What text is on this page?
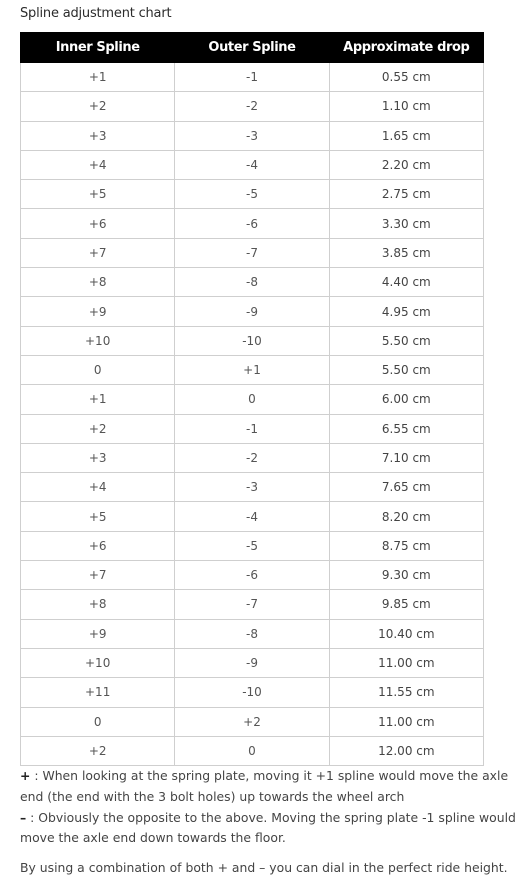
Spline adjustment chart
Inner Spline	Outer Spline	Approximate drop
+1	-1	0.55 cm
+2	-2	1.10 cm
+3	-3	1.65 cm
+4	-4	2.20 cm
+5	-5	2.75 cm
+6	-6	3.30 cm
+7	-7	3.85 cm
+8	-8	4.40 cm
+9	-9	4.95 cm
+10	-10	5.50 cm
0	+1	5.50 cm
+1	0	6.00 cm
+2	-1	6.55 cm
+3	-2	7.10 cm
+4	-3	7.65 cm
+5	-4	8.20 cm
+6	-5	8.75 cm
+7	-6	9.30 cm
+8	-7	9.85 cm
+9	-8	10.40 cm
+10	-9	11.00 cm
+11	-10	11.55 cm
0	+2	11.00 cm
+2	0	12.00 cm

+ : When looking at the spring plate, moving it +1 spline would move the axle end (the end with the 3 bolt holes) up towards the wheel arch

– : Obviously the opposite to the above. Moving the spring plate -1 spline would move the axle end down towards the floor.

By using a combination of both + and – you can dial in the perfect ride height.
